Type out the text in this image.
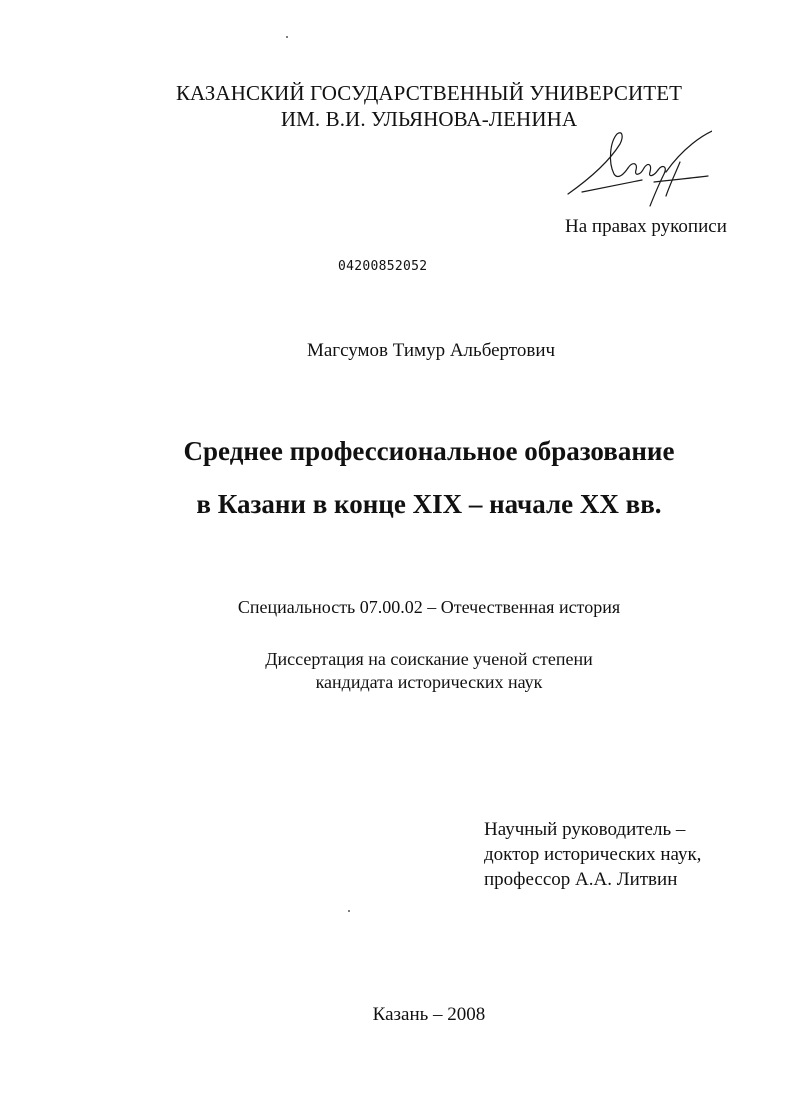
КАЗАНСКИЙ ГОСУДАРСТВЕННЫЙ УНИВЕРСИТЕТ
ИМ. В.И. УЛЬЯНОВА-ЛЕНИНА
На правах рукописи
04200852052
Магсумов Тимур Альбертович
Среднее профессиональное образование
в Казани в конце XIX – начале XX вв.
Специальность 07.00.02 – Отечественная история
Диссертация на соискание ученой степени
кандидата исторических наук
Научный руководитель –
доктор исторических наук,
профессор А.А. Литвин
Казань – 2008
